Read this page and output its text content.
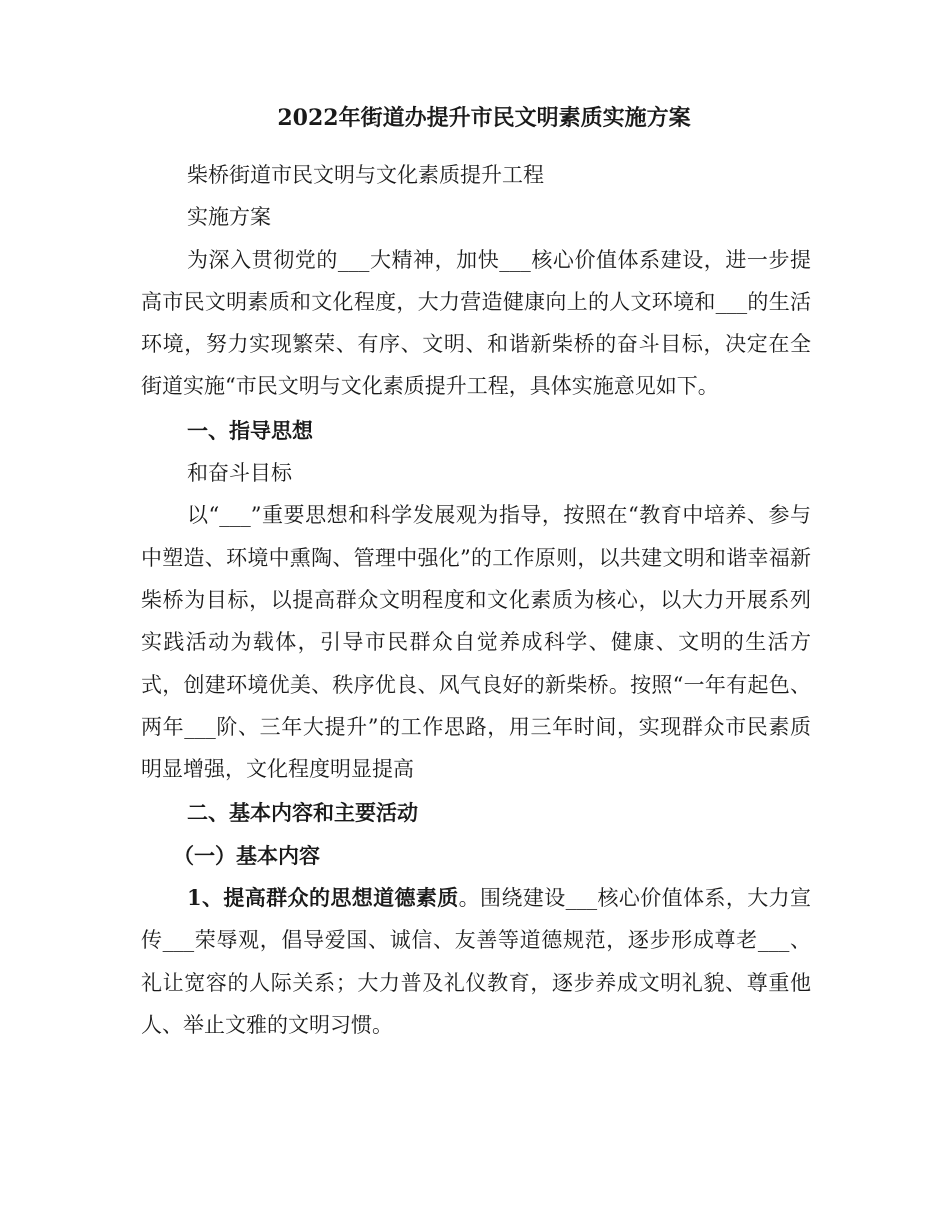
2022年街道办提升市民文明素质实施方案

柴桥街道市民文明与文化素质提升工程

实施方案

为深入贯彻党的___大精神，加快___核心价值体系建设，进一步提高市民文明素质和文化程度，大力营造健康向上的人文环境和___的生活环境，努力实现繁荣、有序、文明、和谐新柴桥的奋斗目标，决定在全街道实施“市民文明与文化素质提升工程，具体实施意见如下。

一、指导思想

和奋斗目标

以“___”重要思想和科学发展观为指导，按照在“教育中培养、参与中塑造、环境中熏陶、管理中强化”的工作原则，以共建文明和谐幸福新柴桥为目标，以提高群众文明程度和文化素质为核心，以大力开展系列实践活动为载体，引导市民群众自觉养成科学、健康、文明的生活方式，创建环境优美、秩序优良、风气良好的新柴桥。按照“一年有起色、两年___阶、三年大提升”的工作思路，用三年时间，实现群众市民素质明显增强，文化程度明显提高

二、基本内容和主要活动

（一）基本内容

1、提高群众的思想道德素质。围绕建设___核心价值体系，大力宣传___荣辱观，倡导爱国、诚信、友善等道德规范，逐步形成尊老___、礼让宽容的人际关系；大力普及礼仪教育，逐步养成文明礼貌、尊重他人、举止文雅的文明习惯。
